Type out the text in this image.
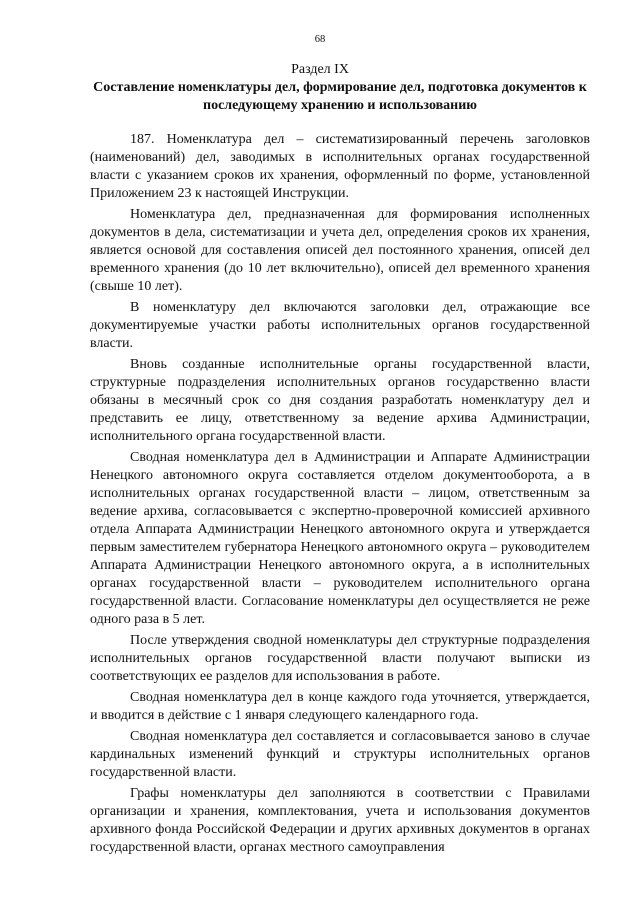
68
Раздел IX
Составление номенклатуры дел, формирование дел, подготовка документов к последующему хранению и использованию

187. Номенклатура дел – систематизированный перечень заголовков (наименований) дел, заводимых в исполнительных органах государственной власти с указанием сроков их хранения, оформленный по форме, установленной Приложением 23 к настоящей Инструкции.

Номенклатура дел, предназначенная для формирования исполненных документов в дела, систематизации и учета дел, определения сроков их хранения, является основой для составления описей дел постоянного хранения, описей дел временного хранения (до 10 лет включительно), описей дел временного хранения (свыше 10 лет).

В номенклатуру дел включаются заголовки дел, отражающие все документируемые участки работы исполнительных органов государственной власти.

Вновь созданные исполнительные органы государственной власти, структурные подразделения исполнительных органов государственно власти обязаны в месячный срок со дня создания разработать номенклатуру дел и представить ее лицу, ответственному за ведение архива Администрации, исполнительного органа государственной власти.

Сводная номенклатура дел в Администрации и Аппарате Администрации Ненецкого автономного округа составляется отделом документооборота, а в исполнительных органах государственной власти – лицом, ответственным за ведение архива, согласовывается с экспертно-проверочной комиссией архивного отдела Аппарата Администрации Ненецкого автономного округа и утверждается первым заместителем губернатора Ненецкого автономного округа – руководителем Аппарата Администрации Ненецкого автономного округа, а в исполнительных органах государственной власти – руководителем исполнительного органа государственной власти. Согласование номенклатуры дел осуществляется не реже одного раза в 5 лет.

После утверждения сводной номенклатуры дел структурные подразделения исполнительных органов государственной власти получают выписки из соответствующих ее разделов для использования в работе.

Сводная номенклатура дел в конце каждого года уточняется, утверждается, и вводится в действие с 1 января следующего календарного года.

Сводная номенклатура дел составляется и согласовывается заново в случае кардинальных изменений функций и структуры исполнительных органов государственной власти.

Графы номенклатуры дел заполняются в соответствии с Правилами организации и хранения, комплектования, учета и использования документов архивного фонда Российской Федерации и других архивных документов в органах государственной власти, органах местного самоуправления
